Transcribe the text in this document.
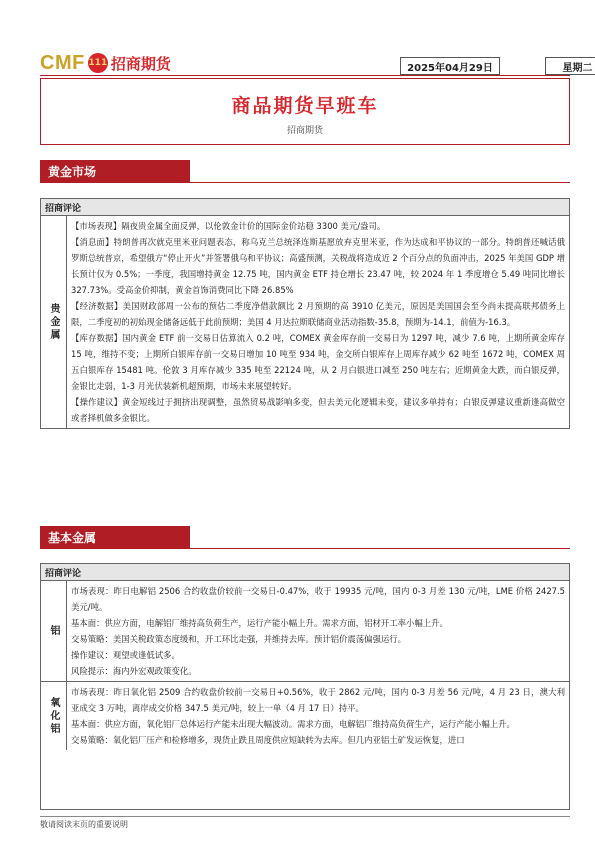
CMF 111 招商期货	2025年04月29日	星期二
商品期货早班车
招商期货
黄金市场
招商评论
贵金属

【市场表现】隔夜贵金属全面反弹，以伦敦金计价的国际金价站稳 3300 美元/盎司。

【消息面】特朗普再次就克里米亚问题表态，称乌克兰总统泽连斯基愿放弃克里米亚，作为达成和平协议的一部分。特朗普还喊话俄罗斯总统普京，希望俄方“停止开火”并签署俄乌和平协议；高盛预测，关税战将造成近 2 个百分点的负面冲击，2025 年美国 GDP 增长预计仅为 0.5%；一季度，我国增持黄金 12.75 吨，国内黄金 ETF 持仓增长 23.47 吨，较 2024 年 1 季度增仓 5.49 吨同比增长 327.73%。受高金价抑制，黄金首饰消费同比下降 26.85%

【经济数据】美国财政部周一公布的预估二季度净借款额比 2 月预期的高 3910 亿美元，原因是美国国会至今尚未提高联邦债务上限，二季度初的初始现金储备远低于此前预期；美国 4 月达拉斯联储商业活动指数-35.8，预期为-14.1，前值为-16.3。

【库存数据】国内黄金 ETF 前一交易日估算流入 0.2 吨，COMEX 黄金库存前一交易日为 1297 吨，减少 7.6 吨，上期所黄金库存 15 吨，维持不变；上期所白银库存前一交易日增加 10 吨至 934 吨，金交所白银库存上周库存减少 62 吨至 1672 吨，COMEX 周五白银库存 15481 吨。伦敦 3 月库存减少 335 吨至 22124 吨，从 2 月白银进口减至 250 吨左右；近期黄金大跌，而白银反弹，金银比走弱，1-3 月光伏装新机超预期，市场未来展望转好。

【操作建议】黄金短线过于拥挤出现调整，虽然贸易战影响多变，但去美元化逻辑未变，建议多单持有；白银反弹建议重新逢高做空或者择机做多金银比。

基本金属
招商评论
铝

市场表现：昨日电解铝 2506 合约收盘价较前一交易日-0.47%，收于 19935 元/吨，国内 0-3 月差 130 元/吨，LME 价格 2427.5 美元/吨。

基本面：供应方面，电解铝厂维持高负荷生产，运行产能小幅上升。需求方面，铝材开工率小幅上升。

交易策略：美国关税政策态度缓和，开工环比走强，并维持去库。预计铝价震荡偏强运行。

操作建议：观望或逢低试多。

风险提示：海内外宏观政策变化。

氧化铝

市场表现：昨日氧化铝 2509 合约收盘价较前一交易日+0.56%，收于 2862 元/吨，国内 0-3 月差 56 元/吨，4 月 23 日，澳大利亚成交 3 万吨，离岸成交价格 347.5 美元/吨，较上一单（4 月 17 日）持平。

基本面：供应方面，氧化铝厂总体运行产能未出现大幅波动。需求方面，电解铝厂维持高负荷生产，运行产能小幅上升。

交易策略：氧化铝厂压产和检修增多，现货止跌且周度供应短缺转为去库。但几内亚铝土矿发运恢复，进口

敬请阅读末页的重要说明
